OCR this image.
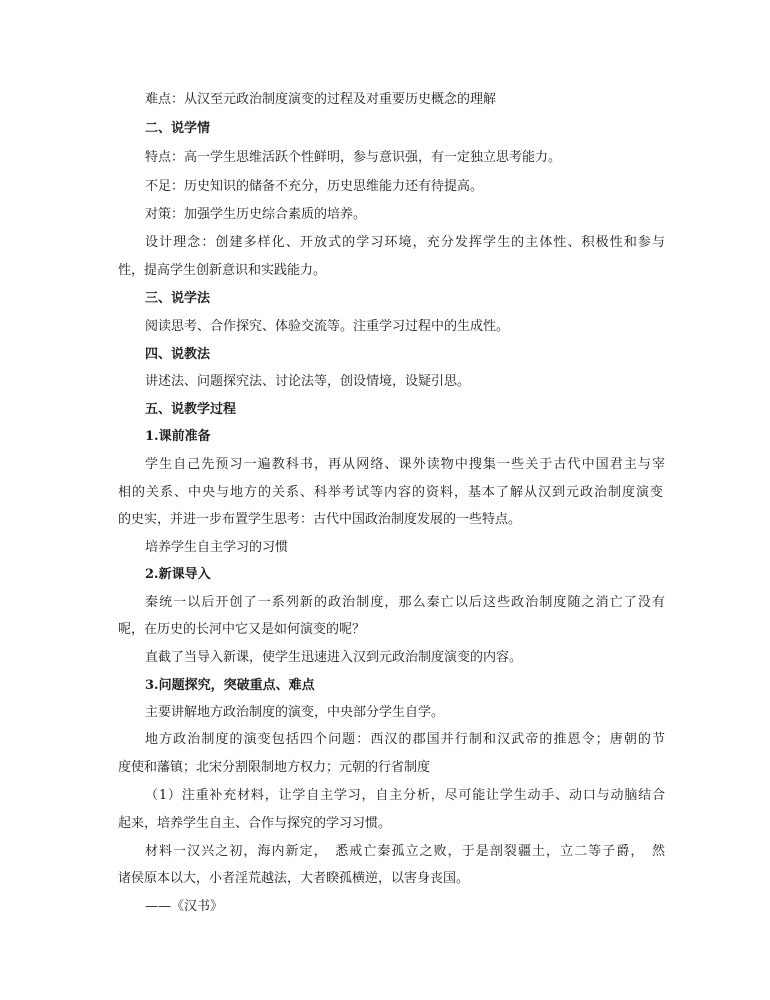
难点：从汉至元政治制度演变的过程及对重要历史概念的理解
二、说学情
特点：高一学生思维活跃个性鲜明，参与意识强，有一定独立思考能力。
不足：历史知识的储备不充分，历史思维能力还有待提高。
对策：加强学生历史综合素质的培养。
设计理念：创建多样化、开放式的学习环境，充分发挥学生的主体性、积极性和参与
性，提高学生创新意识和实践能力。
三、说学法
阅读思考、合作探究、体验交流等。注重学习过程中的生成性。
四、说教法
讲述法、问题探究法、讨论法等，创设情境，设疑引思。
五、说教学过程
1.课前准备
学生自己先预习一遍教科书，再从网络、课外读物中搜集一些关于古代中国君主与宰
相的关系、中央与地方的关系、科举考试等内容的资料，基本了解从汉到元政治制度演变
的史实，并进一步布置学生思考：古代中国政治制度发展的一些特点。
培养学生自主学习的习惯
2.新课导入
秦统一以后开创了一系列新的政治制度，那么秦亡以后这些政治制度随之消亡了没有
呢，在历史的长河中它又是如何演变的呢？
直截了当导入新课，使学生迅速进入汉到元政治制度演变的内容。
3.问题探究，突破重点、难点
主要讲解地方政治制度的演变，中央部分学生自学。
地方政治制度的演变包括四个问题：西汉的郡国并行制和汉武帝的推恩令；唐朝的节
度使和藩镇；北宋分割限制地方权力；元朝的行省制度
（1）注重补充材料，让学自主学习，自主分析，尽可能让学生动手、动口与动脑结合
起来，培养学生自主、合作与探究的学习习惯。
材料一汉兴之初，海内新定，　悉戒亡秦孤立之败，于是剖裂疆土，立二等子爵，　然
诸侯原本以大，小者淫荒越法，大者睽孤横逆，以害身丧国。
——《汉书》
